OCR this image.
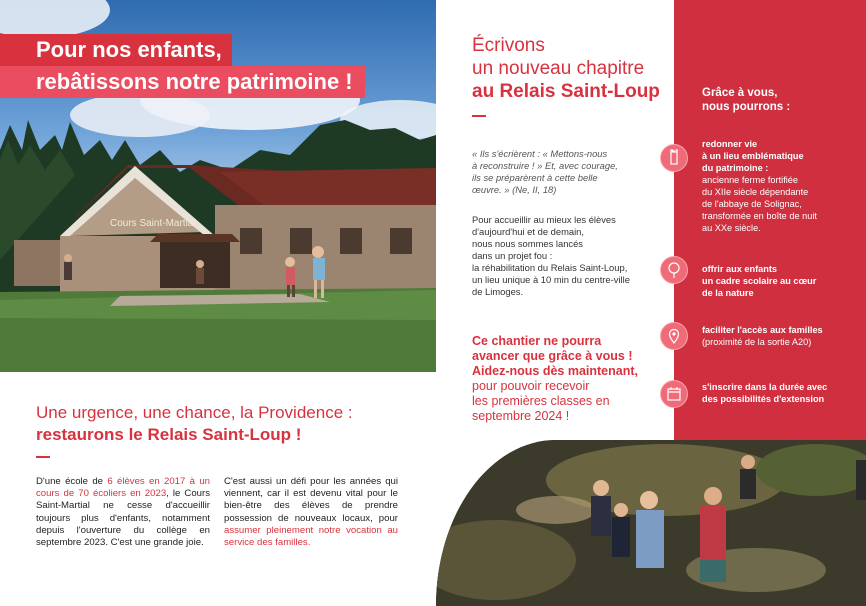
Cours Saint-Martial
Pour nos enfants,
rebâtissons notre patrimoine !
Écrivons
un nouveau chapitre
au Relais Saint-Loup
« Ils s'écrièrent : « Mettons-nous
à reconstruire ! » Et, avec courage,
ils se préparèrent à cette belle
œuvre. » (Ne, II, 18)
Pour accueillir au mieux les élèves
d'aujourd'hui et de demain,
nous nous sommes lancés
dans un projet fou :
la réhabilitation du Relais Saint-Loup,
un lieu unique à 10 min du centre-ville
de Limoges.
Ce chantier ne pourra
avancer que grâce à vous !
Aidez-nous dès maintenant,
pour pouvoir recevoir
les premières classes en
septembre 2024 !
Grâce à vous,
nous pourrons :
redonner vie
à un lieu emblématique
du patrimoine :
ancienne ferme fortifiée
du XIIe siècle dépendante
de l'abbaye de Solignac,
transformée en boîte de nuit
au XXe siècle.
offrir aux enfants
un cadre scolaire au cœur
de la nature
faciliter l'accès aux familles
(proximité de la sortie A20)
s'inscrire dans la durée avec
des possibilités d'extension
Une urgence, une chance, la Providence :
restaurons le Relais Saint-Loup !
D'une école de 6 élèves en 2017 à un cours de 70 écoliers en 2023, le Cours Saint-Martial ne cesse d'accueillir toujours plus d'enfants, notamment depuis l'ouverture du collège en septembre 2023. C'est une grande joie.
C'est aussi un défi pour les années qui viennent, car il est devenu vital pour le bien-être des élèves de prendre possession de nouveaux locaux, pour assumer pleinement notre vocation au service des familles.
